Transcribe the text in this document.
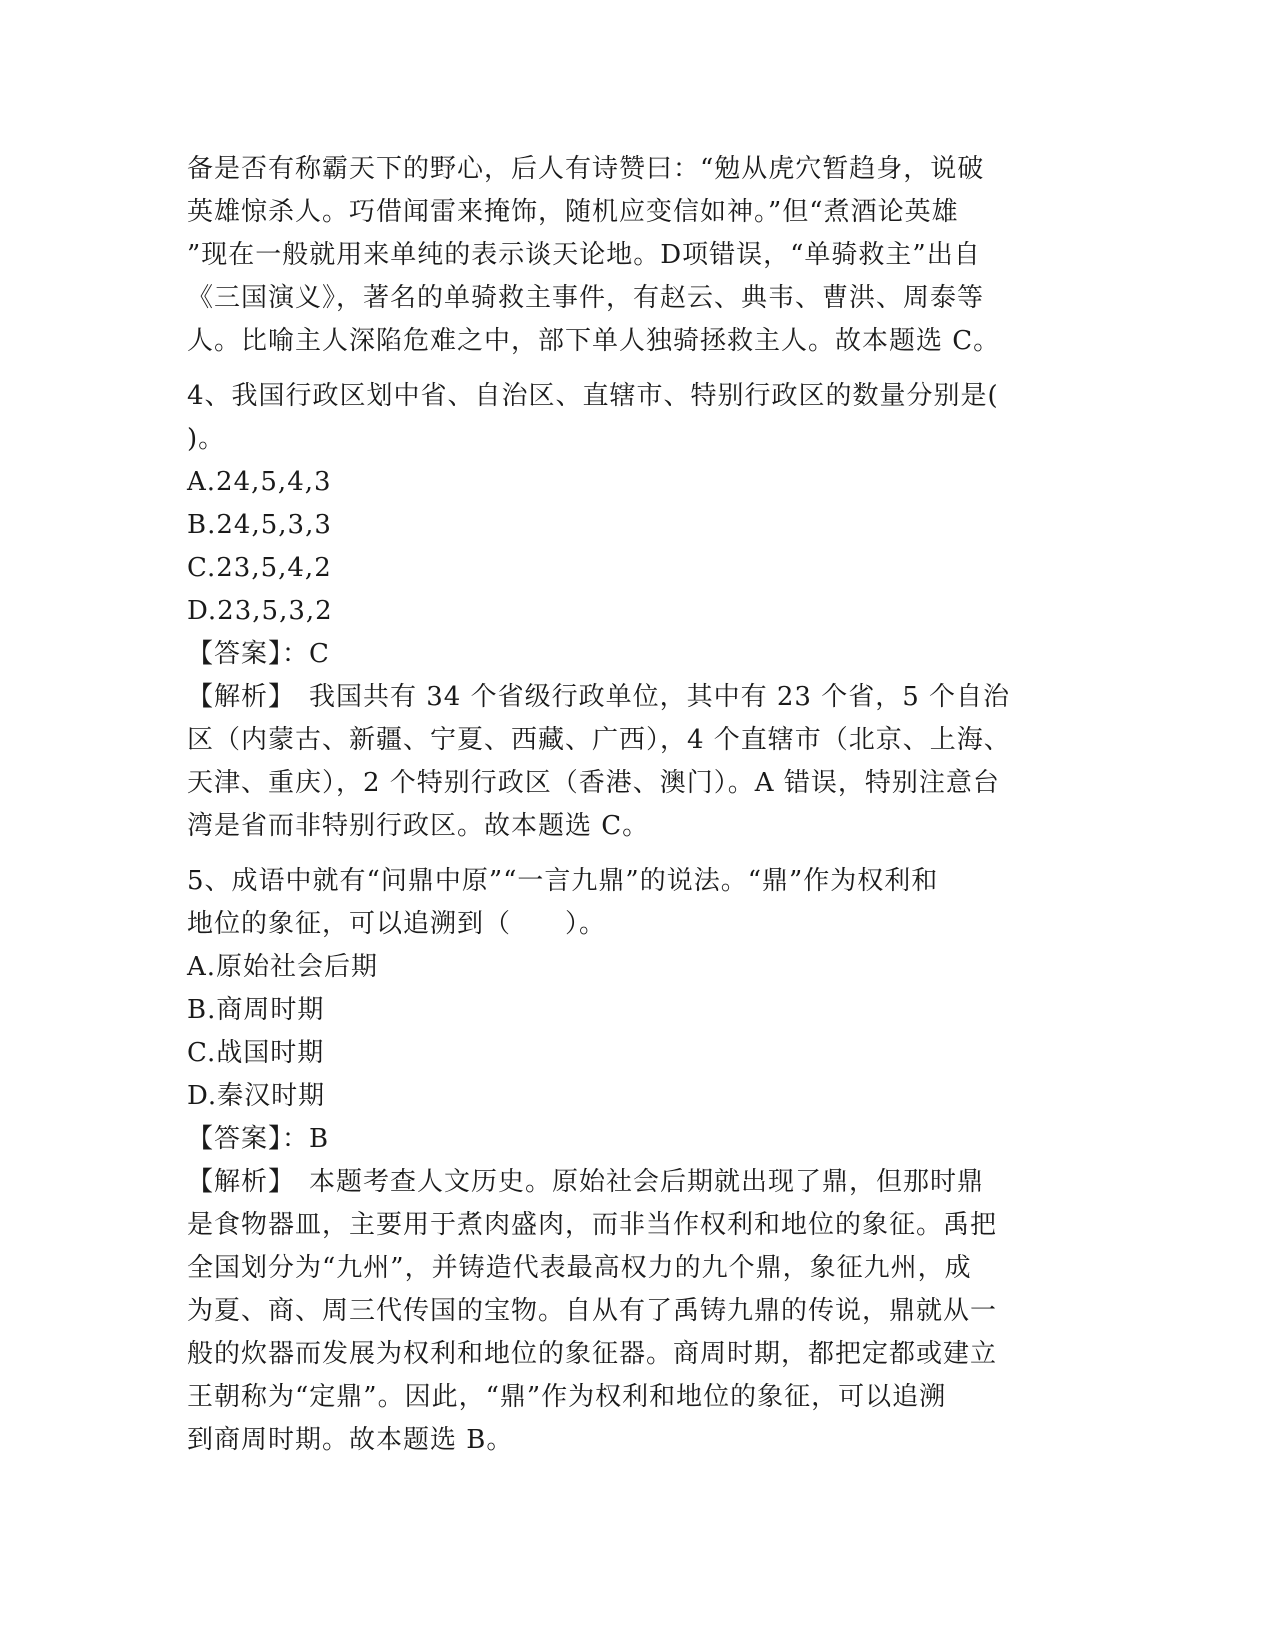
备是否有称霸天下的野心，后人有诗赞曰：“勉从虎穴暂趋身，说破
英雄惊杀人。巧借闻雷来掩饰，随机应变信如神。”但“煮酒论英雄
”现在一般就用来单纯的表示谈天论地。D项错误，“单骑救主”出自
《三国演义》，著名的单骑救主事件，有赵云、典韦、曹洪、周泰等
人。比喻主人深陷危难之中，部下单人独骑拯救主人。故本题选 C。
4、我国行政区划中省、自治区、直辖市、特别行政区的数量分别是(
)。
A.24,5,4,3
B.24,5,3,3
C.23,5,4,2
D.23,5,3,2
【答案】：C
【解析】　我国共有 34 个省级行政单位，其中有 23 个省，5 个自治
区（内蒙古、新疆、宁夏、西藏、广西），4 个直辖市（北京、上海、
天津、重庆），2 个特别行政区（香港、澳门）。A 错误，特别注意台
湾是省而非特别行政区。故本题选 C。
5、成语中就有“问鼎中原”“一言九鼎”的说法。“鼎”作为权利和
地位的象征，可以追溯到（　　）。
A.原始社会后期
B.商周时期
C.战国时期
D.秦汉时期
【答案】：B
【解析】　本题考查人文历史。原始社会后期就出现了鼎，但那时鼎
是食物器皿，主要用于煮肉盛肉，而非当作权利和地位的象征。禹把
全国划分为“九州”，并铸造代表最高权力的九个鼎，象征九州，成
为夏、商、周三代传国的宝物。自从有了禹铸九鼎的传说，鼎就从一
般的炊器而发展为权利和地位的象征器。商周时期，都把定都或建立
王朝称为“定鼎”。因此，“鼎”作为权利和地位的象征，可以追溯
到商周时期。故本题选 B。
